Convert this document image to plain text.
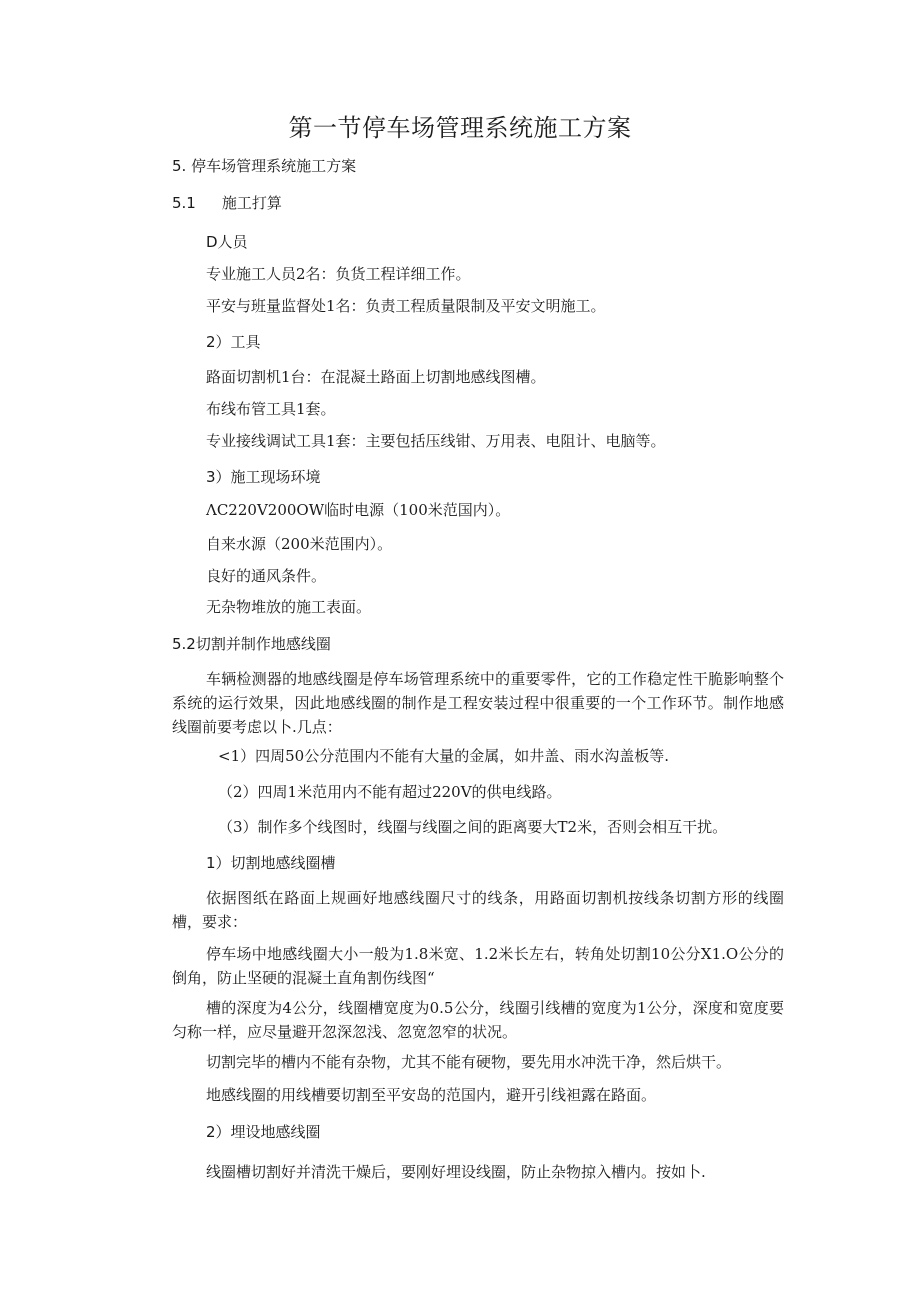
第一节停车场管理系统施工方案
5. 停车场管理系统施工方案
5.1 施工打算
D人员
专业施工人员2名：负货工程详细工作。
平安与班量监督处1名：负责工程质量限制及平安文明施工。
2）工具
路面切割机1台：在混凝土路面上切割地感线图槽。
布线布管工具1套。
专业接线调试工具1套：主要包括压线钳、万用表、电阻计、电脑等。
3）施工现场环境
ΛC220V200OW临时电源（100米范国内）。
自来水源（200米范围内）。
良好的通风条件。
无杂物堆放的施工表面。
5.2切割并制作地感线圈
车辆检测器的地感线圈是停车场管理系统中的重要零件，它的工作稳定性干脆影响整个系统的运行效果，因此地感线圈的制作是工程安装过程中很重要的一个工作环节。制作地感线圈前要考虑以卜.几点：
<1）四周50公分范围内不能有大量的金属，如井盖、雨水沟盖板等.
（2）四周1米范用内不能有超过220V的供电线路。
（3）制作多个线图时，线圈与线圈之间的距离要大T2米，否则会相互干扰。
1）切割地感线圈槽
依据图纸在路面上规画好地感线圈尺寸的线条，用路面切割机按线条切割方形的线圈槽，要求：
停车场中地感线圈大小一般为1.8米宽、1.2米长左右，转角处切割10公分X1.O公分的倒角，防止坚硬的混凝土直角割伤线图“
槽的深度为4公分，线圈槽宽度为0.5公分，线圈引线槽的宽度为1公分，深度和宽度要匀称一样，应尽量避开忽深忽浅、忽宽忽窄的状况。
切割完毕的槽内不能有杂物，尤其不能有硬物，要先用水冲洗干净，然后烘干。
地感线圈的用线槽要切割至平安岛的范国内，避开引线袒露在路面。
2）埋设地感线圈
线圈槽切割好并清洗干燥后，要刚好埋设线圈，防止杂物掠入槽内。按如卜.
